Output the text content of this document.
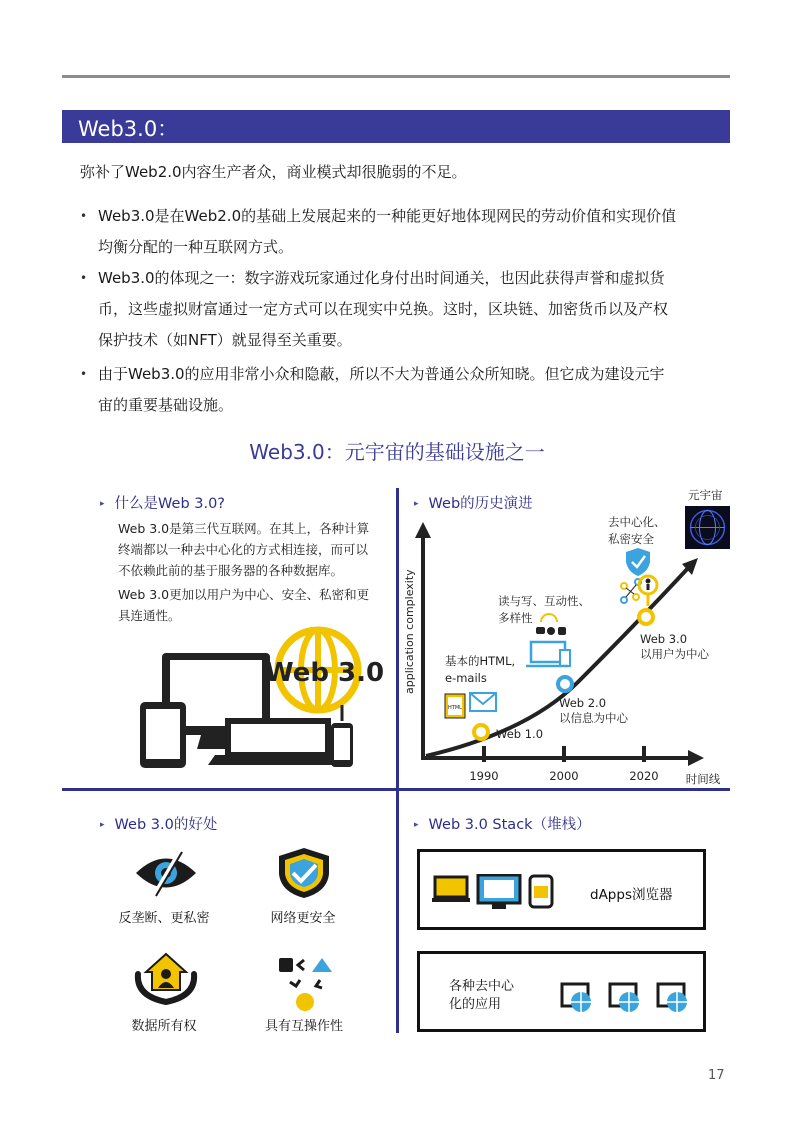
Web3.0：
弥补了Web2.0内容生产者众，商业模式却很脆弱的不足。
• Web3.0是在Web2.0的基础上发展起来的一种能更好地体现网民的劳动价值和实现价值
均衡分配的一种互联网方式。
• Web3.0的体现之一：数字游戏玩家通过化身付出时间通关，也因此获得声誉和虚拟货
币，这些虚拟财富通过一定方式可以在现实中兑换。这时，区块链、加密货币以及产权
保护技术（如NFT）就显得至关重要。
• 由于Web3.0的应用非常小众和隐蔽，所以不大为普通公众所知晓。但它成为建设元宇
宙的重要基础设施。
Web3.0：元宇宙的基础设施之一
▸ 什么是Web 3.0?
Web 3.0是第三代互联网。在其上，各种计算
终端都以一种去中心化的方式相连接，而可以
不依赖此前的基于服务器的各种数据库。
Web 3.0更加以用户为中心、安全、私密和更
具连通性。
Web 3.0
▸ Web的历史演进
1990	2000	2020 时间线
application complexity
Web 1.0
Web 2.0
以信息为中心
Web 3.0
以用户为中心
基本的HTML,
e-mails
读与写、互动性、
多样性
去中心化、
私密安全
元宇宙
HTML
▸ Web 3.0的好处
反垄断、更私密	网络更安全
数据所有权	具有互操作性
▸ Web 3.0 Stack（堆栈）
dApps浏览器
各种去中心
化的应用
17
